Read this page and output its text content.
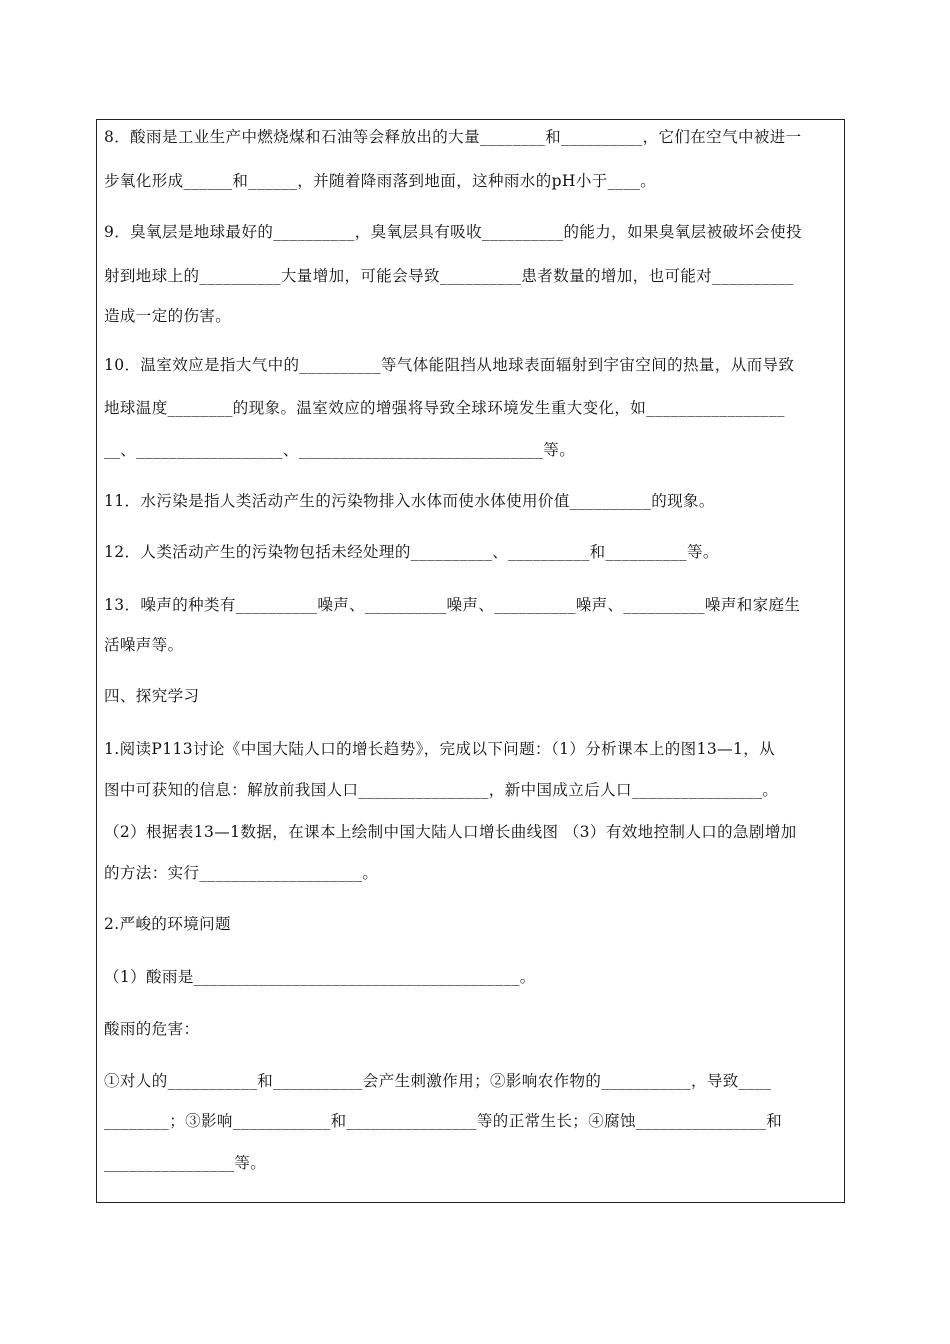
8．酸雨是工业生产中燃烧煤和石油等会释放出的大量________和__________，它们在空气中被进一
步氧化形成______和______，并随着降雨落到地面，这种雨水的pH小于____。
9．臭氧层是地球最好的__________，臭氧层具有吸收__________的能力，如果臭氧层被破坏会使投
射到地球上的__________大量增加，可能会导致__________患者数量的增加，也可能对__________
造成一定的伤害。
10．温室效应是指大气中的__________等气体能阻挡从地球表面辐射到宇宙空间的热量，从而导致
地球温度________的现象。温室效应的增强将导致全球环境发生重大变化，如_________________
__、__________________、______________________________等。
11．水污染是指人类活动产生的污染物排入水体而使水体使用价值__________的现象。
12．人类活动产生的污染物包括未经处理的__________、__________和__________等。
13．噪声的种类有__________噪声、__________噪声、__________噪声、__________噪声和家庭生
活噪声等。
四、探究学习
1.阅读P113讨论《中国大陆人口的增长趋势》，完成以下问题：（1）分析课本上的图13—1，从
图中可获知的信息：解放前我国人口________________，新中国成立后人口________________。
（2）根据表13—1数据，在课本上绘制中国大陆人口增长曲线图 （3）有效地控制人口的急剧增加
的方法：实行____________________。
2.严峻的环境问题
（1）酸雨是________________________________________。
酸雨的危害：
①对人的___________和___________会产生刺激作用；②影响农作物的___________，导致____
________；③影响____________和________________等的正常生长；④腐蚀________________和
________________等。
